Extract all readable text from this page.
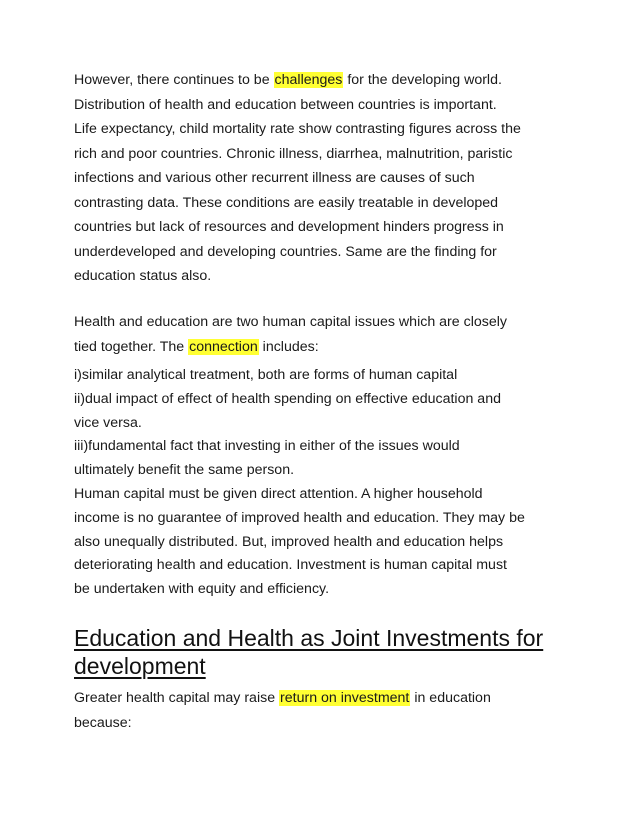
However, there continues to be challenges for the developing world.
Distribution of health and education between countries is important.
Life expectancy, child mortality rate show contrasting figures across the
rich and poor countries. Chronic illness, diarrhea, malnutrition, paristic
infections and various other recurrent illness are causes of such
contrasting data. These conditions are easily treatable in developed
countries but lack of resources and development hinders progress in
underdeveloped and developing countries. Same are the finding for
education status also.
Health and education are two human capital issues which are closely
tied together. The connection includes:
i)similar analytical treatment, both are forms of human capital
ii)dual impact of effect of health spending on effective education and
vice versa.
iii)fundamental fact that investing in either of the issues would
ultimately benefit the same person.
Human capital must be given direct attention. A higher household
income is no guarantee of improved health and education. They may be
also unequally distributed. But, improved health and education helps
deteriorating health and education. Investment is human capital must
be undertaken with equity and efficiency.
Education and Health as Joint Investments for
development
Greater health capital may raise return on investment in education
because:
